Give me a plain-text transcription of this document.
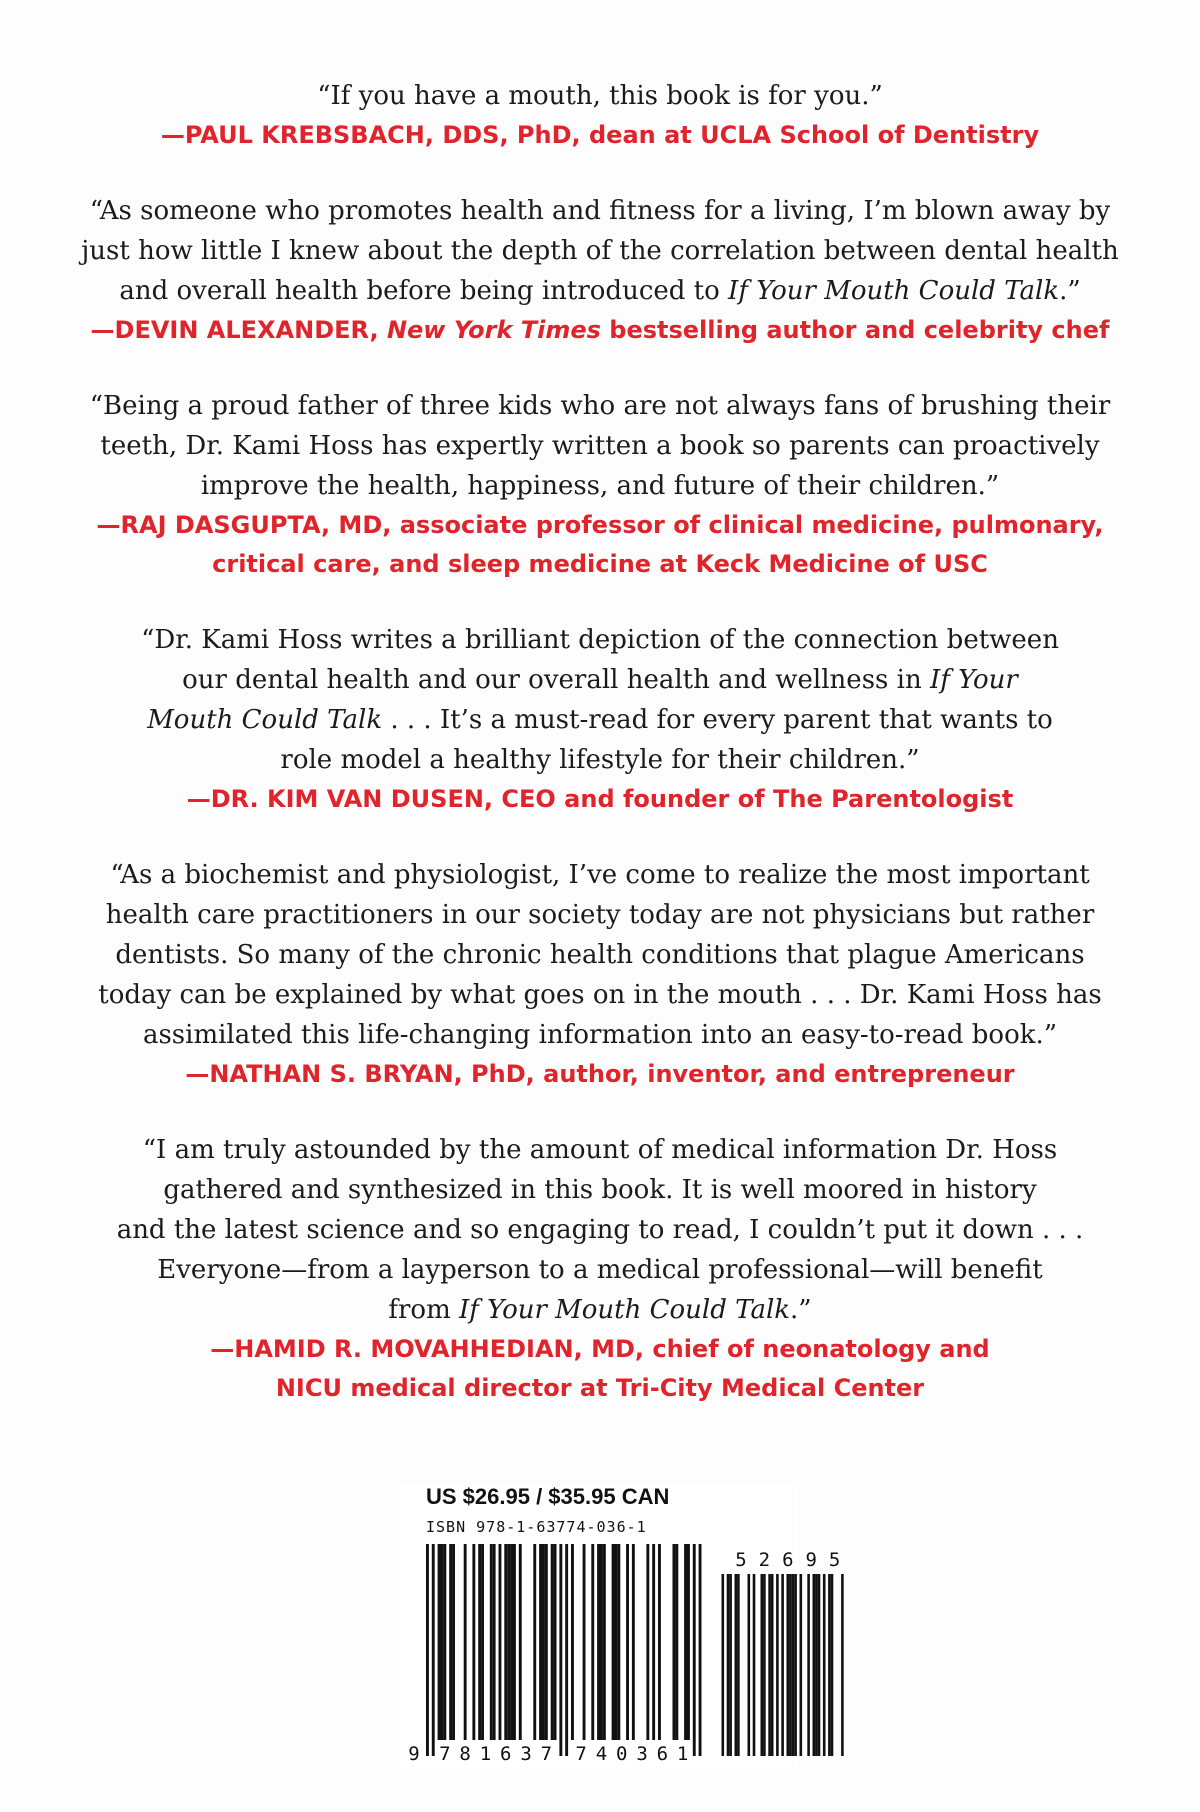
“If you have a mouth, this book is for you.”
—PAUL KREBSBACH, DDS, PhD, dean at UCLA School of Dentistry
“As someone who promotes health and fitness for a living, I’m blown away by
just how little I knew about the depth of the correlation between dental health
and overall health before being introduced to If Your Mouth Could Talk.”
—DEVIN ALEXANDER, New York Times bestselling author and celebrity chef
“Being a proud father of three kids who are not always fans of brushing their
teeth, Dr. Kami Hoss has expertly written a book so parents can proactively
improve the health, happiness, and future of their children.”
—RAJ DASGUPTA, MD, associate professor of clinical medicine, pulmonary,
critical care, and sleep medicine at Keck Medicine of USC
“Dr. Kami Hoss writes a brilliant depiction of the connection between
our dental health and our overall health and wellness in If Your
Mouth Could Talk . . . It’s a must-read for every parent that wants to
role model a healthy lifestyle for their children.”
—DR. KIM VAN DUSEN, CEO and founder of The Parentologist
“As a biochemist and physiologist, I’ve come to realize the most important
health care practitioners in our society today are not physicians but rather
dentists. So many of the chronic health conditions that plague Americans
today can be explained by what goes on in the mouth . . . Dr. Kami Hoss has
assimilated this life-changing information into an easy-to-read book.”
—NATHAN S. BRYAN, PhD, author, inventor, and entrepreneur
“I am truly astounded by the amount of medical information Dr. Hoss
gathered and synthesized in this book. It is well moored in history
and the latest science and so engaging to read, I couldn’t put it down . . .
Everyone—from a layperson to a medical professional—will benefit
from If Your Mouth Could Talk.”
—HAMID R. MOVAHHEDIAN, MD, chief of neonatology and
NICU medical director at Tri-City Medical Center
US $26.95 / $35.95 CAN
ISBN 978-1-63774-036-1
9 7 8 1 6 3 7 7 4 0 3 6 1
5 2 6 9 5
